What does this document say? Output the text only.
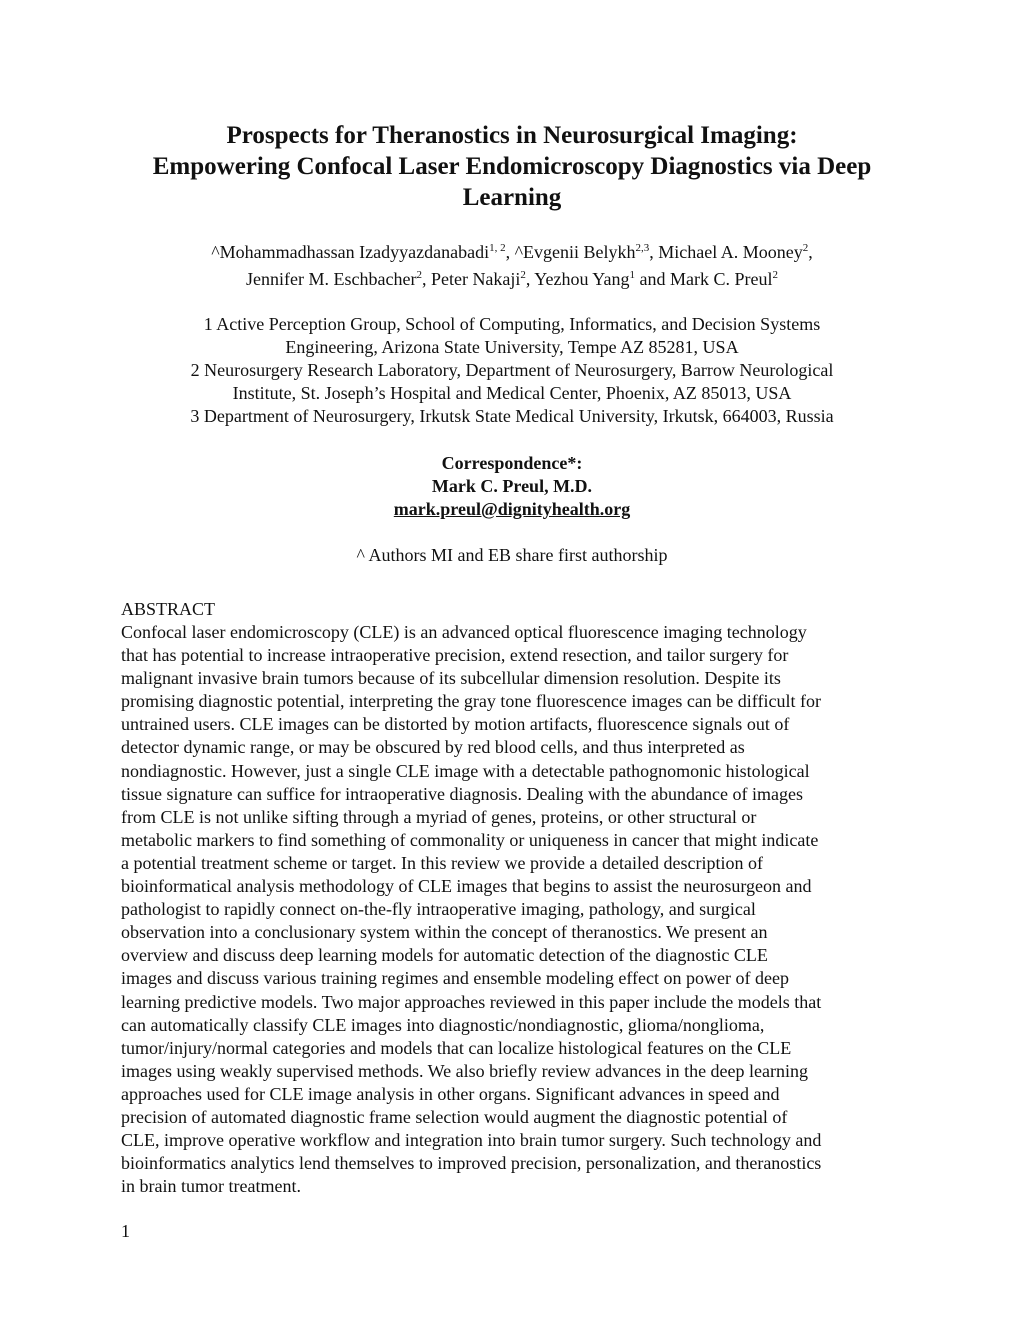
Prospects for Theranostics in Neurosurgical Imaging:
Empowering Confocal Laser Endomicroscopy Diagnostics via Deep
Learning
^Mohammadhassan Izadyyazdanabadi$^{1, 2}$, ^Evgenii Belykh$^{2,3}$, Michael A. Mooney$^2$,
Jennifer M. Eschbacher$^2$, Peter Nakaji$^2$, Yezhou Yang$^1$ and Mark C. Preul$^2$
1 Active Perception Group, School of Computing, Informatics, and Decision Systems
Engineering, Arizona State University, Tempe AZ 85281, USA
2 Neurosurgery Research Laboratory, Department of Neurosurgery, Barrow Neurological
Institute, St. Joseph’s Hospital and Medical Center, Phoenix, AZ 85013, USA
3 Department of Neurosurgery, Irkutsk State Medical University, Irkutsk, 664003, Russia
Correspondence*:
Mark C. Preul, M.D.
mark.preul@dignityhealth.org
^ Authors MI and EB share first authorship
ABSTRACT
Confocal laser endomicroscopy (CLE) is an advanced optical fluorescence imaging technology
that has potential to increase intraoperative precision, extend resection, and tailor surgery for
malignant invasive brain tumors because of its subcellular dimension resolution. Despite its
promising diagnostic potential, interpreting the gray tone fluorescence images can be difficult for
untrained users. CLE images can be distorted by motion artifacts, fluorescence signals out of
detector dynamic range, or may be obscured by red blood cells, and thus interpreted as
nondiagnostic. However, just a single CLE image with a detectable pathognomonic histological
tissue signature can suffice for intraoperative diagnosis. Dealing with the abundance of images
from CLE is not unlike sifting through a myriad of genes, proteins, or other structural or
metabolic markers to find something of commonality or uniqueness in cancer that might indicate
a potential treatment scheme or target. In this review we provide a detailed description of
bioinformatical analysis methodology of CLE images that begins to assist the neurosurgeon and
pathologist to rapidly connect on-the-fly intraoperative imaging, pathology, and surgical
observation into a conclusionary system within the concept of theranostics. We present an
overview and discuss deep learning models for automatic detection of the diagnostic CLE
images and discuss various training regimes and ensemble modeling effect on power of deep
learning predictive models. Two major approaches reviewed in this paper include the models that
can automatically classify CLE images into diagnostic/nondiagnostic, glioma/nonglioma,
tumor/injury/normal categories and models that can localize histological features on the CLE
images using weakly supervised methods. We also briefly review advances in the deep learning
approaches used for CLE image analysis in other organs. Significant advances in speed and
precision of automated diagnostic frame selection would augment the diagnostic potential of
CLE, improve operative workflow and integration into brain tumor surgery. Such technology and
bioinformatics analytics lend themselves to improved precision, personalization, and theranostics
in brain tumor treatment.
1
